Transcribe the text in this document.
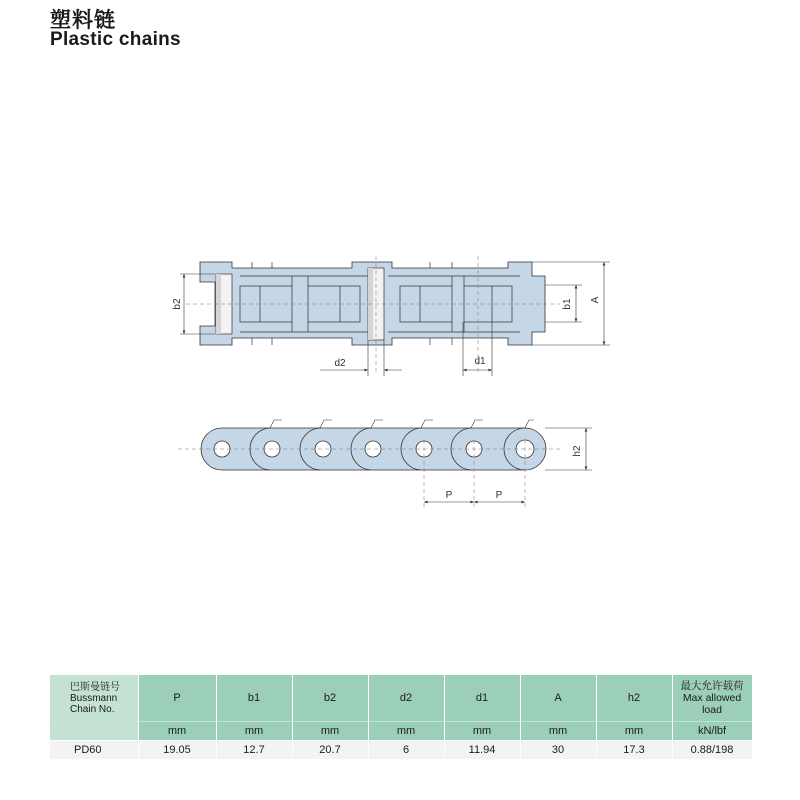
塑料链
Plastic chains
b2	b1 A
d2	d1
h2
P	P
巴斯曼链号
Bussmann
Chain No.	P	b1	b2	d2	d1	A	h2	最大允许载荷
Max allowed
load

	mm	mm	mm	mm	mm	mm	mm	kN/lbf
PD60	19.05	12.7	20.7	6	11.94	30	17.3	0.88/198
